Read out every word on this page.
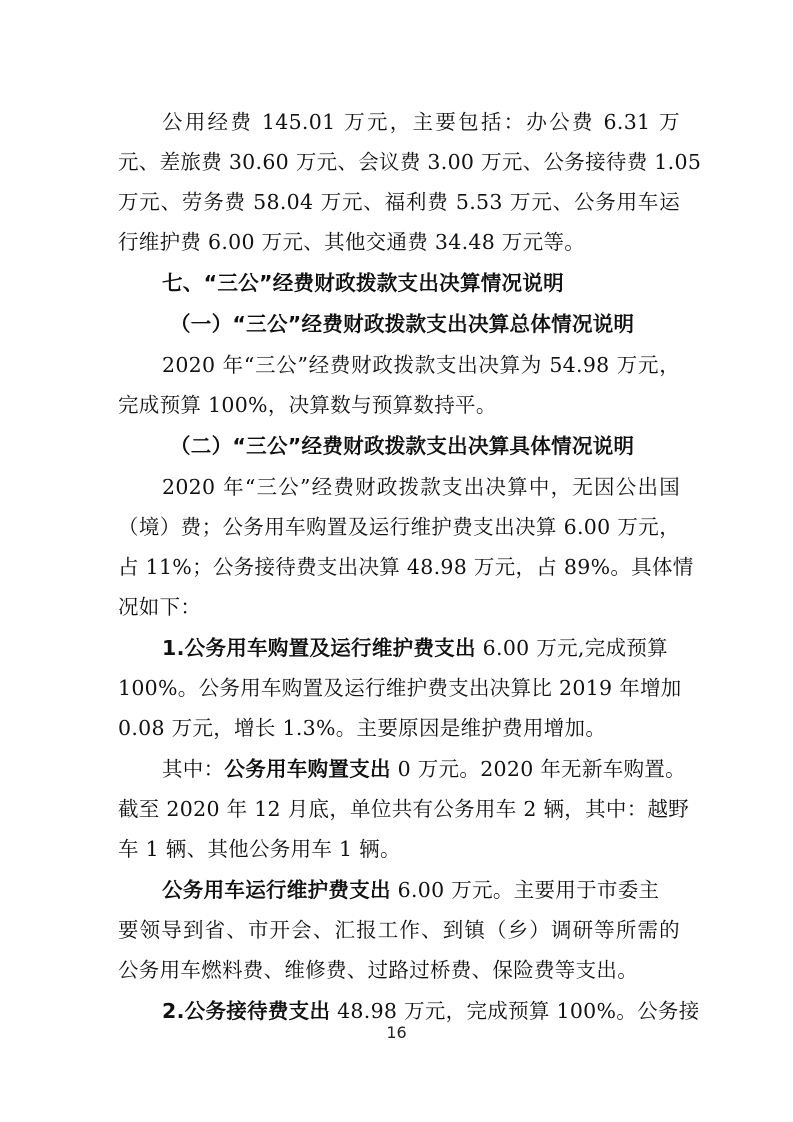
公用经费 145.01 万元，主要包括：办公费 6.31 万
元、差旅费 30.60 万元、会议费 3.00 万元、公务接待费 1.05
万元、劳务费 58.04 万元、福利费 5.53 万元、公务用车运
行维护费 6.00 万元、其他交通费 34.48 万元等。
七、“三公”经费财政拨款支出决算情况说明
（一）“三公”经费财政拨款支出决算总体情况说明
2020 年“三公”经费财政拨款支出决算为 54.98 万元，
完成预算 100%，决算数与预算数持平。
（二）“三公”经费财政拨款支出决算具体情况说明
2020 年“三公”经费财政拨款支出决算中，无因公出国
（境）费；公务用车购置及运行维护费支出决算 6.00 万元，
占 11%；公务接待费支出决算 48.98 万元，占 89%。具体情
况如下：
1.公务用车购置及运行维护费支出 6.00 万元,完成预算
100%。公务用车购置及运行维护费支出决算比 2019 年增加
0.08 万元，增长 1.3%。主要原因是维护费用增加。
其中：公务用车购置支出 0 万元。2020 年无新车购置。
截至 2020 年 12 月底，单位共有公务用车 2 辆，其中：越野
车 1 辆、其他公务用车 1 辆。
公务用车运行维护费支出 6.00 万元。主要用于市委主
要领导到省、市开会、汇报工作、到镇（乡）调研等所需的
公务用车燃料费、维修费、过路过桥费、保险费等支出。
2.公务接待费支出 48.98 万元，完成预算 100%。公务接
16
